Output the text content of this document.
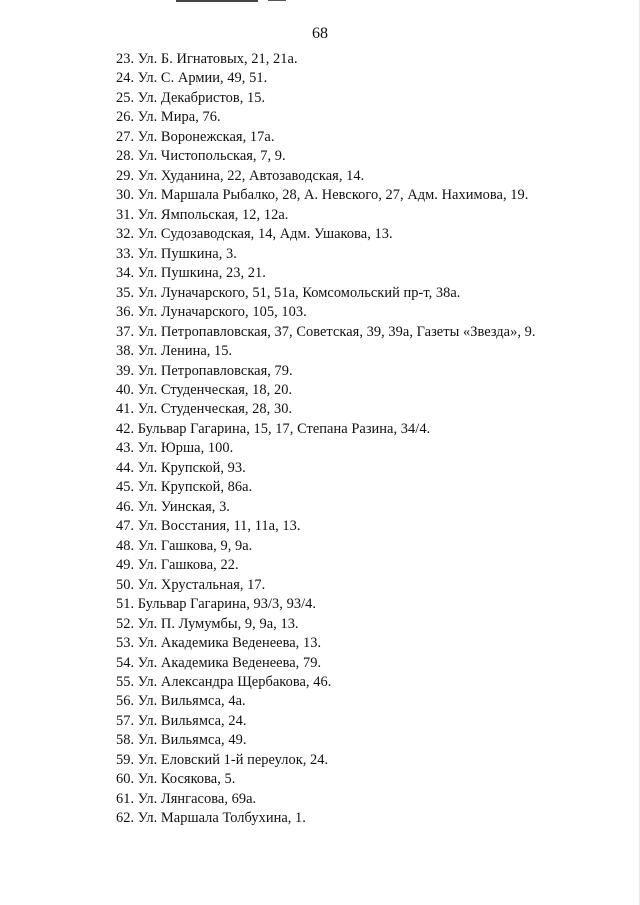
68
23. Ул. Б. Игнатовых, 21, 21а.
24. Ул. С. Армии, 49, 51.
25. Ул. Декабристов, 15.
26. Ул. Мира, 76.
27. Ул. Воронежская, 17а.
28. Ул. Чистопольская, 7, 9.
29. Ул. Худанина, 22, Автозаводская, 14.
30. Ул. Маршала Рыбалко, 28, А. Невского, 27, Адм. Нахимова, 19.
31. Ул. Ямпольская, 12, 12а.
32. Ул. Судозаводская, 14, Адм. Ушакова, 13.
33. Ул. Пушкина, 3.
34. Ул. Пушкина, 23, 21.
35. Ул. Луначарского, 51, 51а, Комсомольский пр-т, 38а.
36. Ул. Луначарского, 105, 103.
37. Ул. Петропавловская, 37, Советская, 39, 39а, Газеты «Звезда», 9.
38. Ул. Ленина, 15.
39. Ул. Петропавловская, 79.
40. Ул. Студенческая, 18, 20.
41. Ул. Студенческая, 28, 30.
42. Бульвар Гагарина, 15, 17, Степана Разина, 34/4.
43. Ул. Юрша, 100.
44. Ул. Крупской, 93.
45. Ул. Крупской, 86а.
46. Ул. Уинская, 3.
47. Ул. Восстания, 11, 11а, 13.
48. Ул. Гашкова, 9, 9а.
49. Ул. Гашкова, 22.
50. Ул. Хрустальная, 17.
51. Бульвар Гагарина, 93/3, 93/4.
52. Ул. П. Лумумбы, 9, 9а, 13.
53. Ул. Академика Веденеева, 13.
54. Ул. Академика Веденеева, 79.
55. Ул. Александра Щербакова, 46.
56. Ул. Вильямса, 4а.
57. Ул. Вильямса, 24.
58. Ул. Вильямса, 49.
59. Ул. Еловский 1-й переулок, 24.
60. Ул. Косякова, 5.
61. Ул. Лянгасова, 69а.
62. Ул. Маршала Толбухина, 1.
